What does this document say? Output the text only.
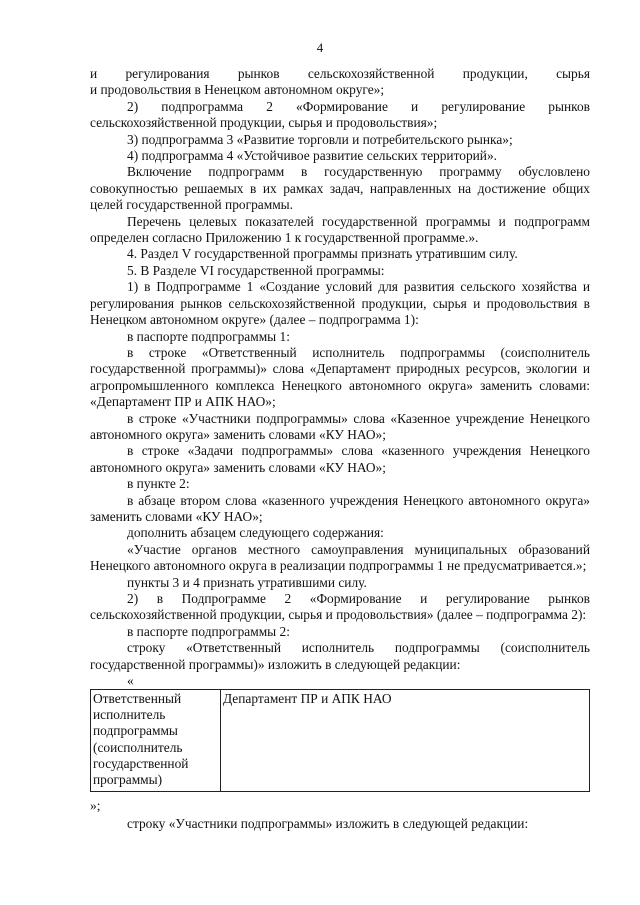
4

и регулирования рынков сельскохозяйственной продукции, сырья

и продовольствия в Ненецком автономном округе»;

2) подпрограмма 2 «Формирование и регулирование рынков сельскохозяйственной продукции, сырья и продовольствия»;

3) подпрограмма 3 «Развитие торговли и потребительского рынка»;

4) подпрограмма 4 «Устойчивое развитие сельских территорий».

Включение подпрограмм в государственную программу обусловлено совокупностью решаемых в их рамках задач, направленных на достижение общих целей государственной программы.

Перечень целевых показателей государственной программы и подпрограмм определен согласно Приложению 1 к государственной программе.».

4. Раздел V государственной программы признать утратившим силу.

5. В Разделе VI государственной программы:

1) в Подпрограмме 1 «Создание условий для развития сельского хозяйства и регулирования рынков сельскохозяйственной продукции, сырья и продовольствия в Ненецком автономном округе» (далее – подпрограмма 1):

в паспорте подпрограммы 1:

в строке «Ответственный исполнитель подпрограммы (соисполнитель государственной программы)» слова «Департамент природных ресурсов, экологии и агропромышленного комплекса Ненецкого автономного округа» заменить словами: «Департамент ПР и АПК НАО»;

в строке «Участники подпрограммы» слова «Казенное учреждение Ненецкого автономного округа» заменить словами «КУ НАО»;

в строке «Задачи подпрограммы» слова «казенного учреждения Ненецкого автономного округа» заменить словами «КУ НАО»;

в пункте 2:

в абзаце втором слова «казенного учреждения Ненецкого автономного округа» заменить словами «КУ НАО»;

дополнить абзацем следующего содержания:

«Участие органов местного самоуправления муниципальных образований Ненецкого автономного округа в реализации подпрограммы 1 не предусматривается.»;

пункты 3 и 4 признать утратившими силу.

2) в Подпрограмме 2 «Формирование и регулирование рынков сельскохозяйственной продукции, сырья и продовольствия» (далее – подпрограмма 2):

в паспорте подпрограммы 2:

строку «Ответственный исполнитель подпрограммы (соисполнитель государственной программы)» изложить в следующей редакции:

«
Ответственный исполнитель подпрограммы (соисполнитель государственной программы)	Департамент ПР и АПК НАО

»;

строку «Участники подпрограммы» изложить в следующей редакции:
